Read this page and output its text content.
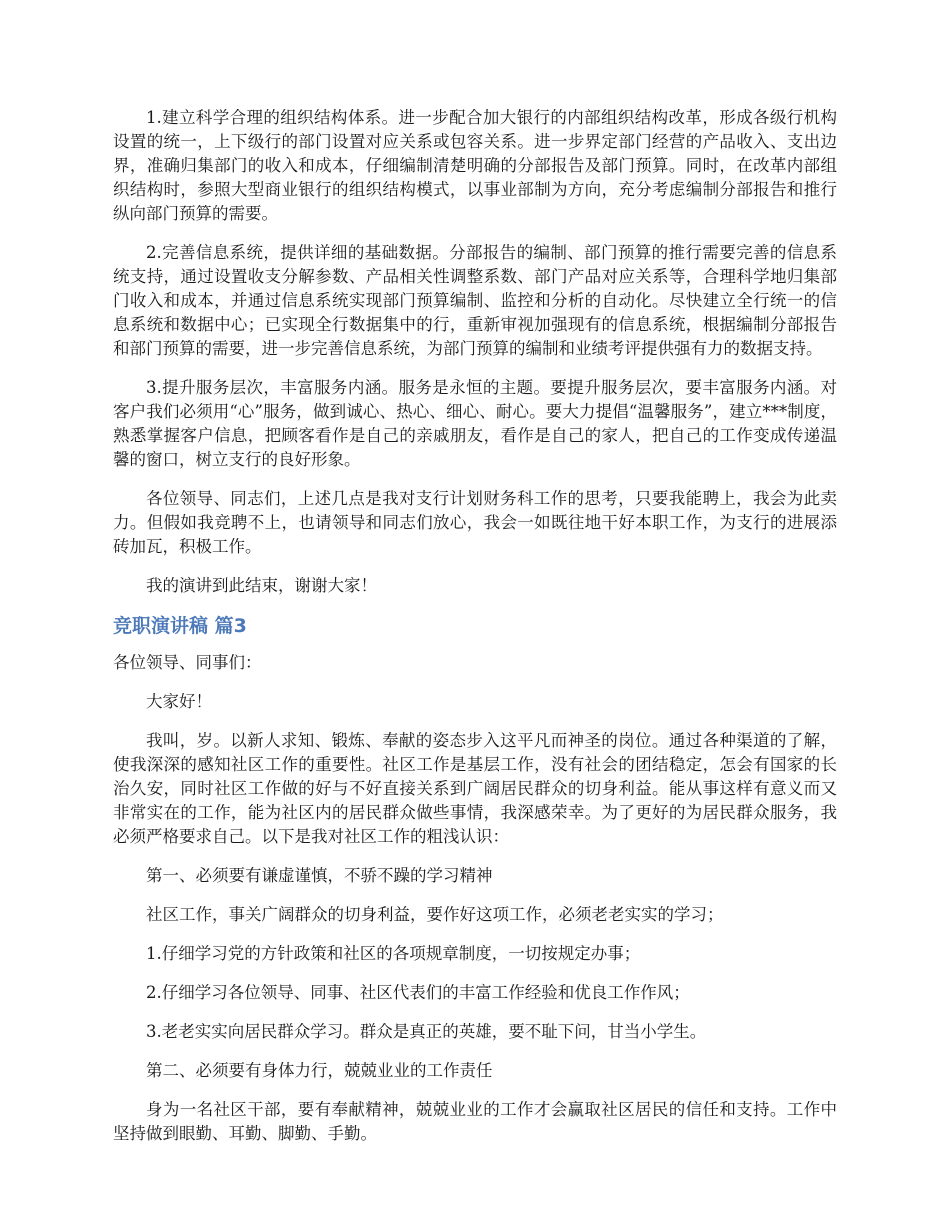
1.建立科学合理的组织结构体系。进一步配合加大银行的内部组织结构改革，形成各级行机构设置的统一，上下级行的部门设置对应关系或包容关系。进一步界定部门经营的产品收入、支出边界，准确归集部门的收入和成本，仔细编制清楚明确的分部报告及部门预算。同时，在改革内部组织结构时，参照大型商业银行的组织结构模式，以事业部制为方向，充分考虑编制分部报告和推行纵向部门预算的需要。

2.完善信息系统，提供详细的基础数据。分部报告的编制、部门预算的推行需要完善的信息系统支持，通过设置收支分解参数、产品相关性调整系数、部门产品对应关系等，合理科学地归集部门收入和成本，并通过信息系统实现部门预算编制、监控和分析的自动化。尽快建立全行统一的信息系统和数据中心；已实现全行数据集中的行，重新审视加强现有的信息系统，根据编制分部报告和部门预算的需要，进一步完善信息系统，为部门预算的编制和业绩考评提供强有力的数据支持。

3.提升服务层次，丰富服务内涵。服务是永恒的主题。要提升服务层次，要丰富服务内涵。对客户我们必须用“心”服务，做到诚心、热心、细心、耐心。要大力提倡“温馨服务”，建立***制度，熟悉掌握客户信息，把顾客看作是自己的亲戚朋友，看作是自己的家人，把自己的工作变成传递温馨的窗口，树立支行的良好形象。

各位领导、同志们，上述几点是我对支行计划财务科工作的思考，只要我能聘上，我会为此卖力。但假如我竞聘不上，也请领导和同志们放心，我会一如既往地干好本职工作，为支行的进展添砖加瓦，积极工作。

我的演讲到此结束，谢谢大家！

竞职演讲稿 篇3

各位领导、同事们：

大家好！

我叫，岁。以新人求知、锻炼、奉献的姿态步入这平凡而神圣的岗位。通过各种渠道的了解，使我深深的感知社区工作的重要性。社区工作是基层工作，没有社会的团结稳定，怎会有国家的长治久安，同时社区工作做的好与不好直接关系到广阔居民群众的切身利益。能从事这样有意义而又非常实在的工作，能为社区内的居民群众做些事情，我深感荣幸。为了更好的为居民群众服务，我必须严格要求自己。以下是我对社区工作的粗浅认识：

第一、必须要有谦虚谨慎，不骄不躁的学习精神

社区工作，事关广阔群众的切身利益，要作好这项工作，必须老老实实的学习；

1.仔细学习党的方针政策和社区的各项规章制度，一切按规定办事；

2.仔细学习各位领导、同事、社区代表们的丰富工作经验和优良工作作风；

3.老老实实向居民群众学习。群众是真正的英雄，要不耻下问，甘当小学生。

第二、必须要有身体力行，兢兢业业的工作责任

身为一名社区干部，要有奉献精神，兢兢业业的工作才会赢取社区居民的信任和支持。工作中坚持做到眼勤、耳勤、脚勤、手勤。
